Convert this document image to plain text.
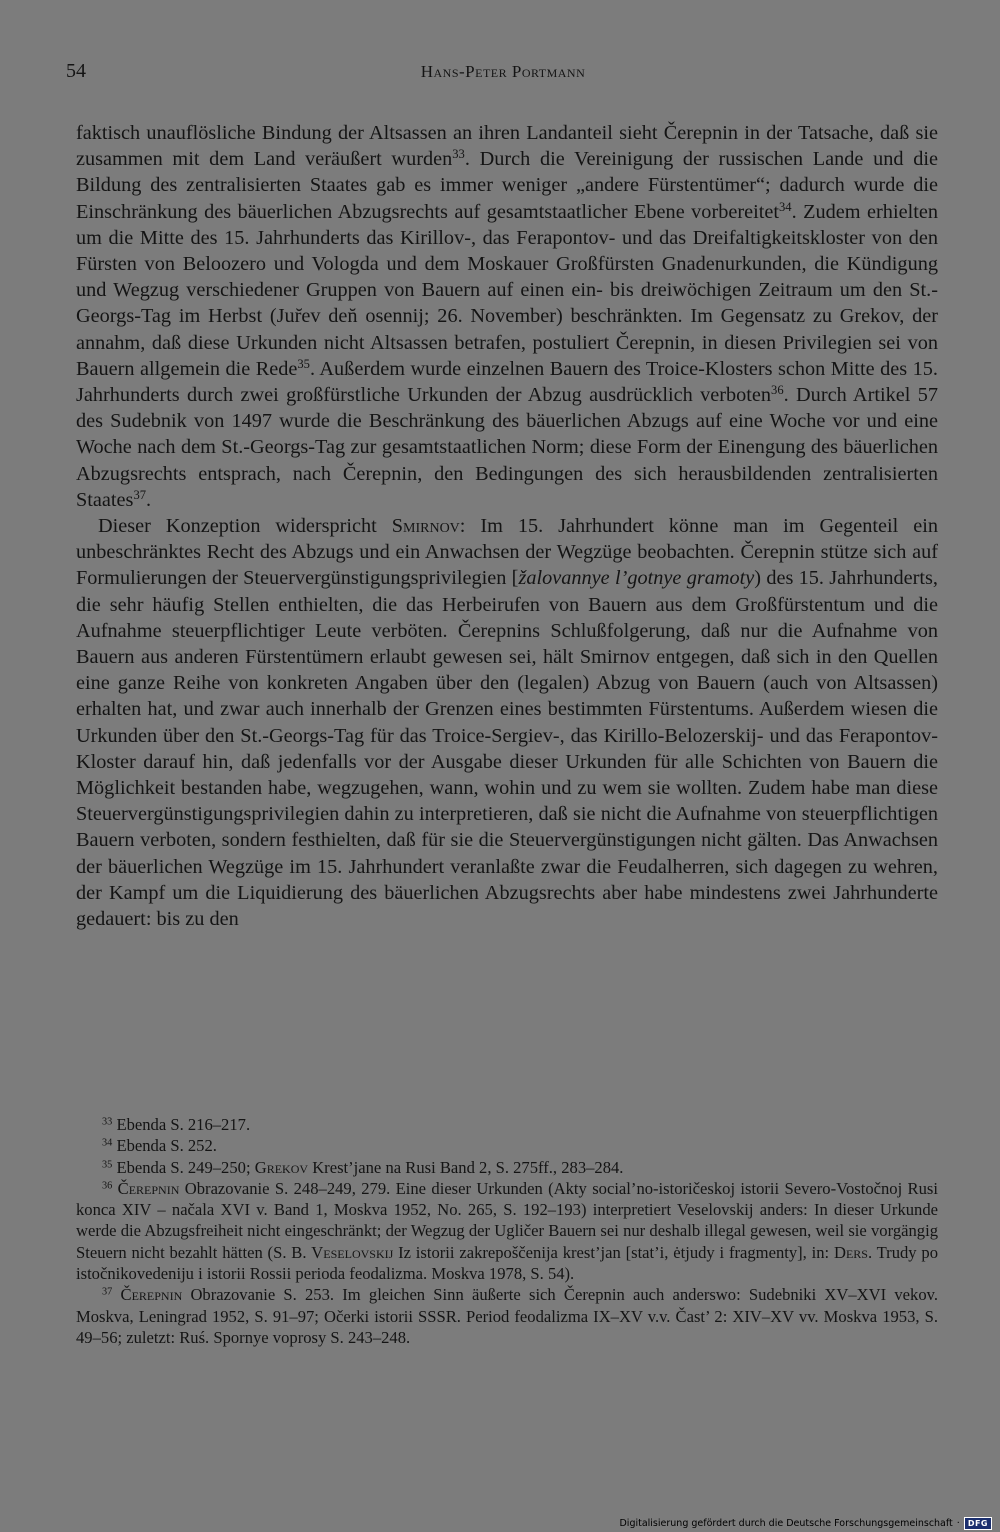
54	Hans-Peter Portmann

faktisch unauflösliche Bindung der Altsassen an ihren Landanteil sieht Čerepnin in der Tatsache, daß sie zusammen mit dem Land veräußert wurden$^{33}$. Durch die Vereinigung der russischen Lande und die Bildung des zentralisierten Staates gab es immer weniger „andere Fürstentümer“; dadurch wurde die Einschränkung des bäuerlichen Abzugsrechts auf gesamtstaatlicher Ebene vorbereitet$^{34}$. Zudem erhielten um die Mitte des 15. Jahrhunderts das Kirillov-, das Ferapontov- und das Dreifaltigkeitskloster von den Fürsten von Beloozero und Vologda und dem Moskauer Großfürsten Gnadenurkunden, die Kündigung und Wegzug verschiedener Gruppen von Bauern auf einen ein- bis dreiwöchigen Zeitraum um den St.-Georgs-Tag im Herbst (Jur̆ev den̆ osennij; 26. November) beschränkten. Im Gegensatz zu Grekov, der annahm, daß diese Urkunden nicht Altsassen betrafen, postuliert Čerepnin, in diesen Privilegien sei von Bauern allgemein die Rede$^{35}$. Außerdem wurde einzelnen Bauern des Troice-Klosters schon Mitte des 15. Jahrhunderts durch zwei großfürstliche Urkunden der Abzug ausdrücklich verboten$^{36}$. Durch Artikel 57 des Sudebnik von 1497 wurde die Beschränkung des bäuerlichen Abzugs auf eine Woche vor und eine Woche nach dem St.-Georgs-Tag zur gesamtstaatlichen Norm; diese Form der Einengung des bäuerlichen Abzugsrechts entsprach, nach Čerepnin, den Bedingungen des sich herausbildenden zentralisierten Staates$^{37}$.

Dieser Konzeption widerspricht Smirnov: Im 15. Jahrhundert könne man im Gegenteil ein unbeschränktes Recht des Abzugs und ein Anwachsen der Wegzüge beobachten. Čerepnin stütze sich auf Formulierungen der Steuervergünstigungsprivilegien [žalovannye l’gotnye gramoty) des 15. Jahrhunderts, die sehr häufig Stellen enthielten, die das Herbeirufen von Bauern aus dem Großfürstentum und die Aufnahme steuerpflichtiger Leute verböten. Čerepnins Schlußfolgerung, daß nur die Aufnahme von Bauern aus anderen Fürstentümern erlaubt gewesen sei, hält Smirnov entgegen, daß sich in den Quellen eine ganze Reihe von konkreten Angaben über den (legalen) Abzug von Bauern (auch von Altsassen) erhalten hat, und zwar auch innerhalb der Grenzen eines bestimmten Fürstentums. Außerdem wiesen die Urkunden über den St.-Georgs-Tag für das Troice-Sergiev-, das Kirillo-Belozerskij- und das Ferapontov-Kloster darauf hin, daß jedenfalls vor der Ausgabe dieser Urkunden für alle Schichten von Bauern die Möglichkeit bestanden habe, wegzugehen, wann, wohin und zu wem sie wollten. Zudem habe man diese Steuervergünstigungsprivilegien dahin zu interpretieren, daß sie nicht die Aufnahme von steuerpflichtigen Bauern verboten, sondern festhielten, daß für sie die Steuervergünstigungen nicht gälten. Das Anwachsen der bäuerlichen Wegzüge im 15. Jahrhundert veranlaßte zwar die Feudalherren, sich dagegen zu wehren, der Kampf um die Liquidierung des bäuerlichen Abzugsrechts aber habe mindestens zwei Jahrhunderte gedauert: bis zu den

$^{33}$ Ebenda S. 216–217.

$^{34}$ Ebenda S. 252.

$^{35}$ Ebenda S. 249–250; Grekov Krest’jane na Rusi Band 2, S. 275ff., 283–284.

$^{36}$ Čerepnin Obrazovanie S. 248–249, 279. Eine dieser Urkunden (Akty social’no-istoričeskoj istorii Severo-Vostočnoj Rusi konca XIV – načala XVI v. Band 1, Moskva 1952, No. 265, S. 192–193) interpretiert Veselovskij anders: In dieser Urkunde werde die Abzugsfreiheit nicht eingeschränkt; der Wegzug der Ugličer Bauern sei nur deshalb illegal gewesen, weil sie vorgängig Steuern nicht bezahlt hätten (S. B. Veselovskij Iz istorii zakrepoščenija krest’jan [stat’i, ėtjudy i fragmenty], in: Ders. Trudy po istočnikovedeniju i istorii Rossii perioda feodalizma. Moskva 1978, S. 54).

$^{37}$ Čerepnin Obrazovanie S. 253. Im gleichen Sinn äußerte sich Čerepnin auch anderswo: Sudebniki XV–XVI vekov. Moskva, Leningrad 1952, S. 91–97; Očerki istorii SSSR. Period feodalizma IX–XV v.v. Čast’ 2: XIV–XV vv. Moskva 1953, S. 49–56; zuletzt: Ruś. Spornye voprosy S. 243–248.

Digitalisierung gefördert durch die Deutsche Forschungsgemeinschaft ·	DFG
